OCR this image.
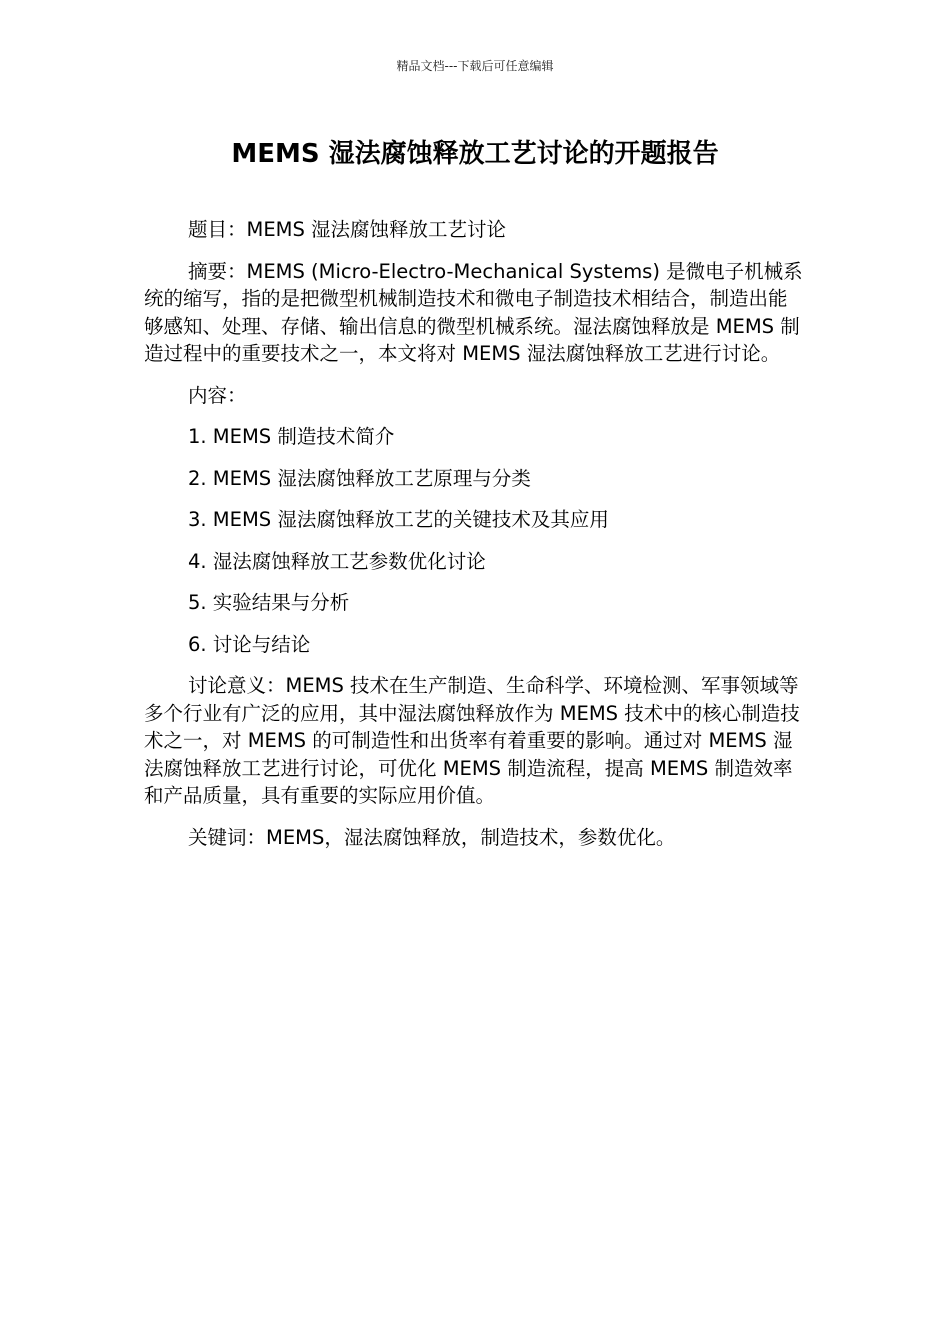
精品文档---下载后可任意编辑
MEMS 湿法腐蚀释放工艺讨论的开题报告

题目：MEMS 湿法腐蚀释放工艺讨论

摘要：MEMS (Micro-Electro-Mechanical Systems) 是微电子机械系统的缩写，指的是把微型机械制造技术和微电子制造技术相结合，制造出能够感知、处理、存储、输出信息的微型机械系统。湿法腐蚀释放是 MEMS 制造过程中的重要技术之一，本文将对 MEMS 湿法腐蚀释放工艺进行讨论。

内容：

1. MEMS 制造技术简介

2. MEMS 湿法腐蚀释放工艺原理与分类

3. MEMS 湿法腐蚀释放工艺的关键技术及其应用

4. 湿法腐蚀释放工艺参数优化讨论

5. 实验结果与分析

6. 讨论与结论

讨论意义：MEMS 技术在生产制造、生命科学、环境检测、军事领域等多个行业有广泛的应用，其中湿法腐蚀释放作为 MEMS 技术中的核心制造技术之一，对 MEMS 的可制造性和出货率有着重要的影响。通过对 MEMS 湿法腐蚀释放工艺进行讨论，可优化 MEMS 制造流程，提高 MEMS 制造效率和产品质量，具有重要的实际应用价值。

关键词：MEMS，湿法腐蚀释放，制造技术，参数优化。
